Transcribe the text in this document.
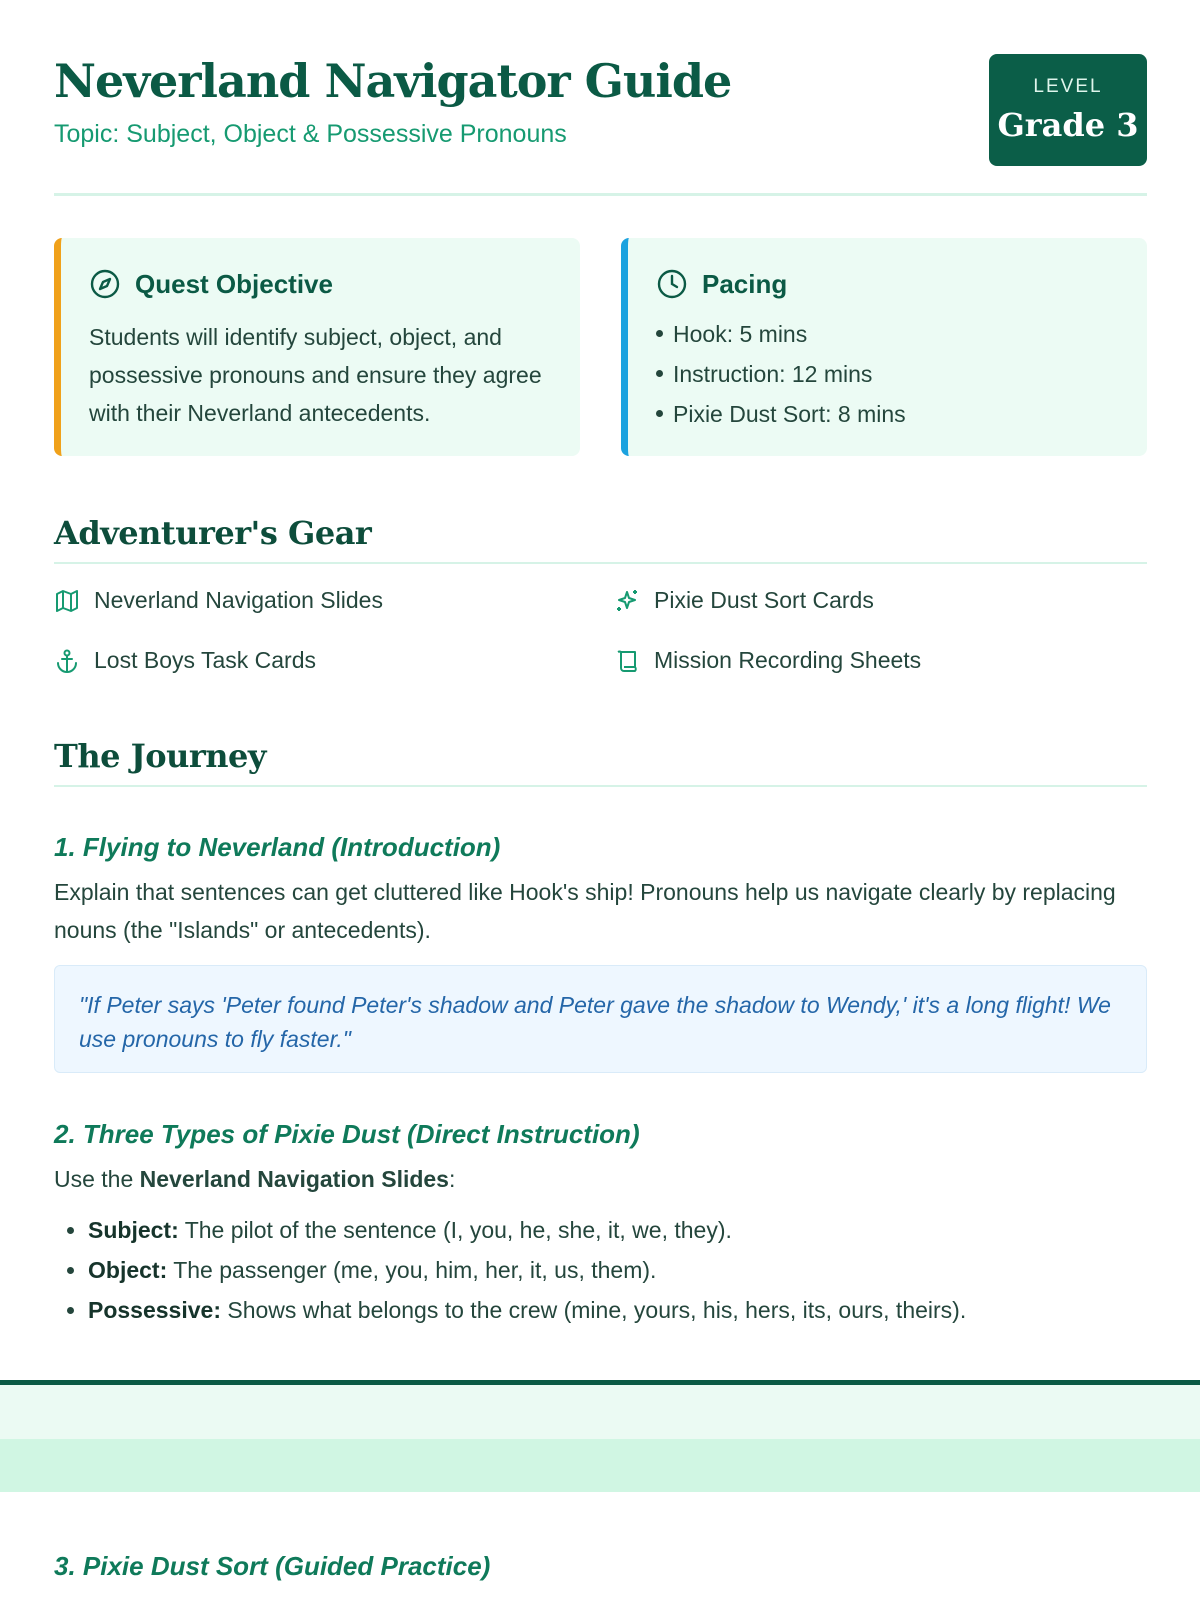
Neverland Navigator Guide
Topic: Subject, Object & Possessive Pronouns
LEVEL
Grade 3
Quest Objective

Students will identify subject, object, and possessive pronouns and ensure they agree with their Neverland antecedents.

Pacing
Hook: 5 mins
Instruction: 12 mins
Pixie Dust Sort: 8 mins
Adventurer's Gear
Neverland Navigation Slides	Pixie Dust Sort Cards
Lost Boys Task Cards	Mission Recording Sheets
The Journey
1. Flying to Neverland (Introduction)

Explain that sentences can get cluttered like Hook's ship! Pronouns help us navigate clearly by replacing nouns (the "Islands" or antecedents).

"If Peter says 'Peter found Peter's shadow and Peter gave the shadow to Wendy,' it's a long flight! We use pronouns to fly faster."
2. Three Types of Pixie Dust (Direct Instruction)

Use the Neverland Navigation Slides:

• Subject: The pilot of the sentence (I, you, he, she, it, we, they).
• Object: The passenger (me, you, him, her, it, us, them).
• Possessive: Shows what belongs to the crew (mine, yours, his, hers, its, ours, theirs).
3. Pixie Dust Sort (Guided Practice)
